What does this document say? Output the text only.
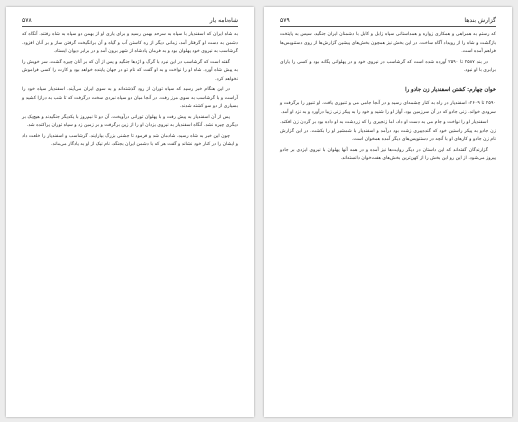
۵۷۸	شاه‌نامه یار

به شاه ایران که اسفندیار با سپاه به سرحد بهمن رسید و برای یاری او از بهمن دو سپاه به شاه رفتند. آنگاه که دشمن به دست او گرفتار آمد، زمانی دیگر از ره کاستن آب و گیاه و آن برانگیخت گرفتن ساز و بر آنان افزود. گرشاسب به نیروی خود پهلوان بود و به فرمان پادشاه از شهر برون آمد و در برابر دیوان ایستاد.

گفته است که گرشاسب در این نبرد با گرگ و اژدها جنگید و پس از آن که بر آنان چیره گشت، سر خویش را به پیش شاه آورد. شاه او را نواخت و به او گفت که نام تو در جهان پاینده خواهد بود و کارت را کسی فراموش نخواهد کرد.

در این هنگام خبر رسید که سپاه توران از رود گذشته‌اند و به سوی ایران می‌آیند. اسفندیار سپاه خود را آراست و با گرشاسب به سوی مرز رفت. در آنجا میان دو سپاه نبردی سخت درگرفت که تا شب به درازا کشید و بسیاری از دو سو کشته شدند.

پس از آن اسفندیار به پیش رفت و با پهلوان تورانی درآویخت. آن دو تا نیم‌روز با یکدیگر جنگیدند و هیچ‌یک بر دیگری چیره نشد. آنگاه اسفندیار به نیروی یزدان او را از زین برگرفت و بر زمین زد و سپاه توران پراکنده شد.

چون این خبر به شاه رسید، شادمان شد و فرمود تا جشنی بزرگ بیارایند. گرشاسب و اسفندیار را خلعت داد و ایشان را در کنار خود نشاند و گفت هر که با دشمن ایران بجنگد، نام نیک از او به یادگار می‌ماند.

۵۷۹	گزارش بندها

که رستم به همراهی و همکاری زواره و همداستانی سپاه زابل و کابل با دشمنان ایران جنگید، سپس به پایتخت بازگشت و شاه را از رویداد آگاه ساخت. در این بخش نیز همچون بخش‌های پیشین گزارش‌ها از روی دستنویس‌ها فراهم آمده است.

در بند ۲۵۸۷ تا ۲۵۹۰ آورده شده است که گرشاسب در نیروی خود و در پهلوانی یگانه بود و کسی را یارای برابری با او نبود.

خوان چهارم: کشتن اسفندیار زن جادو را

۲۵۹۰ تا ۲۶۰۹: اسفندیار در راه به کنار چشمه‌ای رسید و در آنجا جامی می و تنبوری یافت. او تنبور را برگرفت و سرودی خواند. زنی جادو که در آن سرزمین بود، آواز او را شنید و خود را به پیکر زنی زیبا درآورد و به نزد او آمد.

اسفندیار او را نواخت و جام می به دست او داد، اما زنجیری را که زردشت به او داده بود بر گردن زن افکند. زن جادو به پیکر راستین خود که گنده‌پیری زشت بود درآمد و اسفندیار با شمشیر او را بکشت. در این گزارش نام زن جادو و کارهای او با آنچه در دستنویس‌های دیگر آمده همخوان است.

گزارندگان گفته‌اند که این داستان در دیگر روایت‌ها نیز آمده و در همه آنها پهلوان با نیروی ایزدی بر جادو پیروز می‌شود. از این رو این بخش را از کهن‌ترین بخش‌های هفت‌خوان دانسته‌اند.
